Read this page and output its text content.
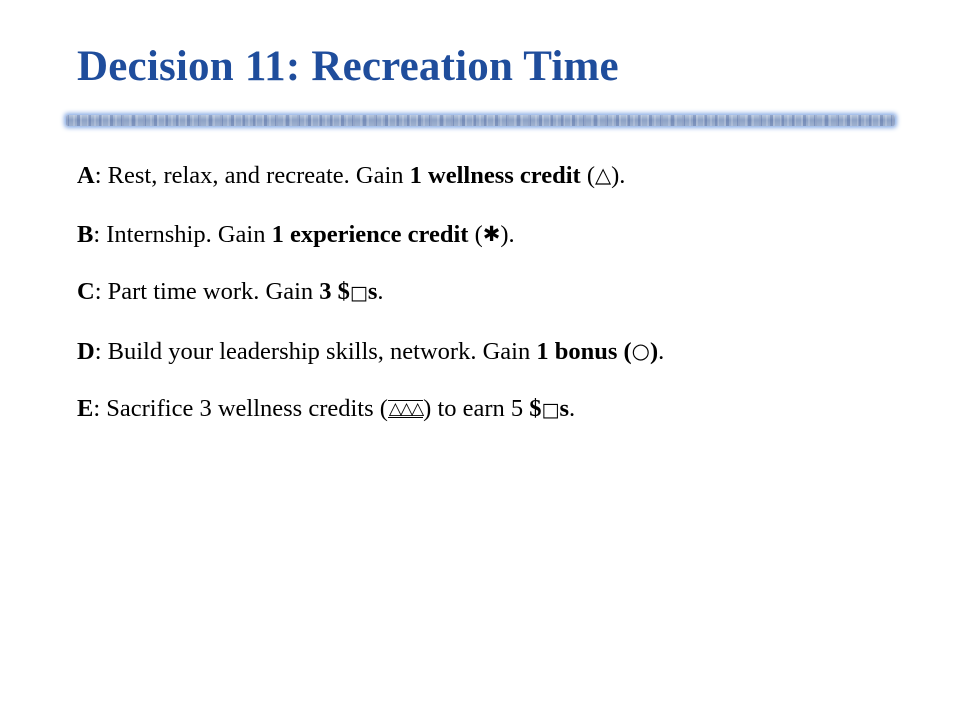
Decision 11: Recreation Time
A: Rest, relax, and recreate. Gain 1 wellness credit (△).
B: Internship. Gain 1 experience credit (✱).
C: Part time work. Gain 3 $□s.
D: Build your leadership skills, network. Gain 1 bonus (○).
E: Sacrifice 3 wellness credits (△△△) to earn 5 $□s.
